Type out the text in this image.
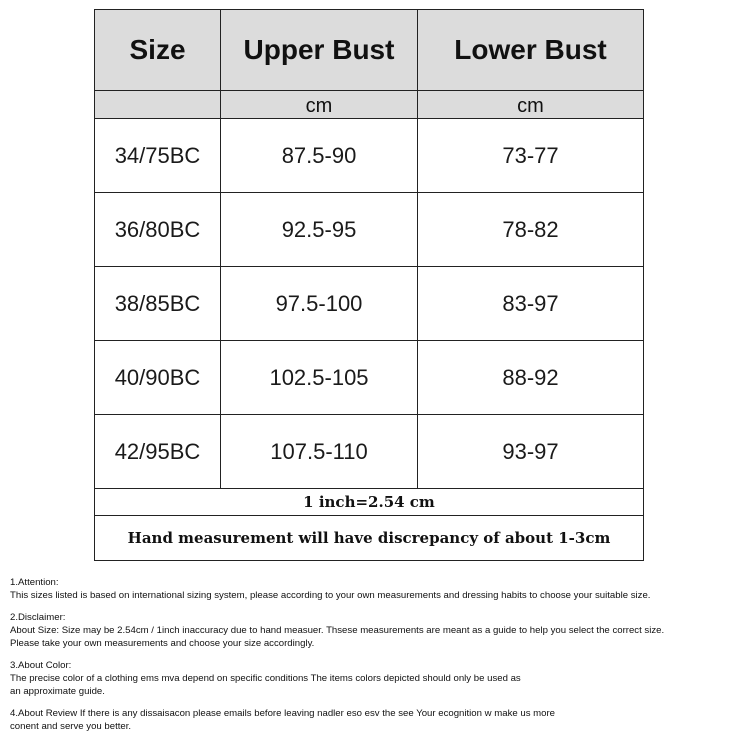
Size	Upper Bust	Lower Bust
	cm	cm
34/75BC	87.5-90	73-77
36/80BC	92.5-95	78-82
38/85BC	97.5-100	83-97
40/90BC	102.5-105	88-92
42/95BC	107.5-110	93-97
1 inch=2.54 cm		
Hand measurement will have discrepancy of about 1-3cm		
1.Attention:
This sizes listed is based on international sizing system, please according to your own measurements and dressing habits to choose your suitable size.
2.Disclaimer:
About Size: Size may be 2.54cm / 1inch inaccuracy due to hand measuer. Thsese measurements are meant as a guide to help you select the correct size.
Please take your own measurements and choose your size accordingly.
3.About Color:
The precise color of a clothing ems mva depend on specific conditions The items colors depicted should only be used as
an approximate guide.
4.About Review If there is any dissaisacon please emails before leaving nadler eso esv the see Your ecognition w make us more
conent and serve you better.
